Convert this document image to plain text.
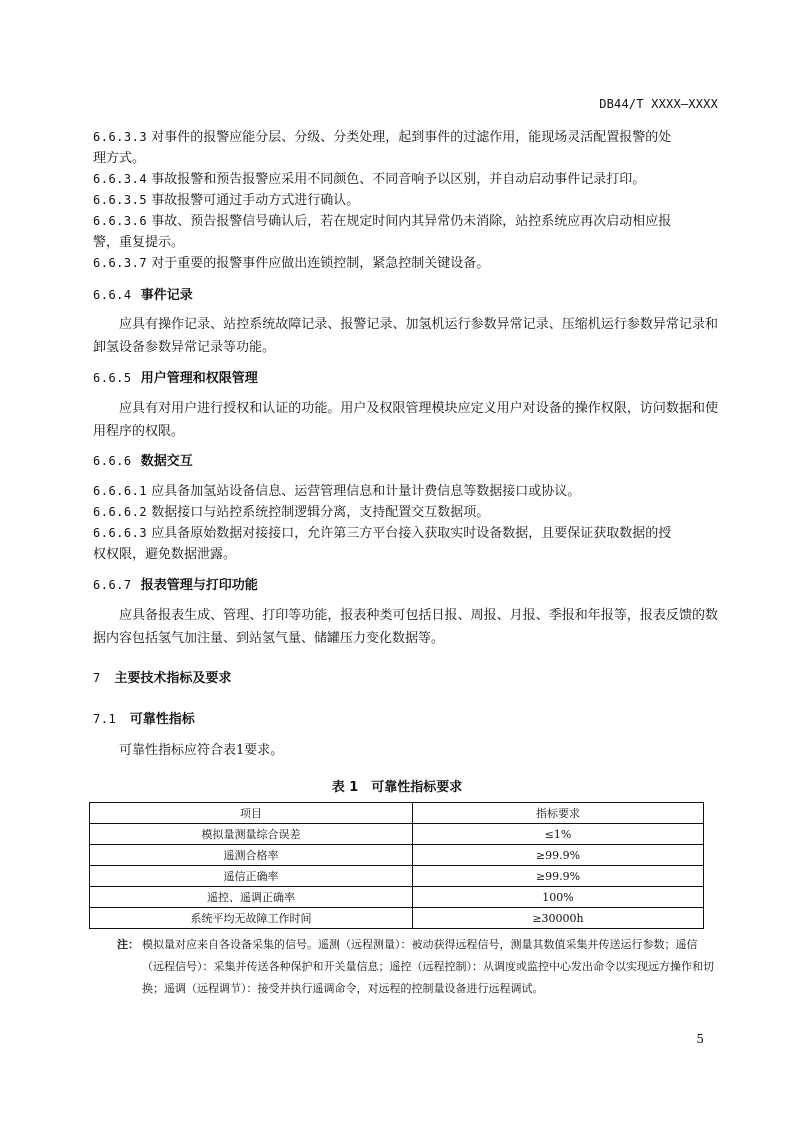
DB44/T XXXX—XXXX
6.6.3.3 对事件的报警应能分层、分级、分类处理，起到事件的过滤作用，能现场灵活配置报警的处
理方式。
6.6.3.4 事故报警和预告报警应采用不同颜色、不同音响予以区别，并自动启动事件记录打印。
6.6.3.5 事故报警可通过手动方式进行确认。
6.6.3.6 事故、预告报警信号确认后，若在规定时间内其异常仍未消除，站控系统应再次启动相应报
警，重复提示。
6.6.3.7 对于重要的报警事件应做出连锁控制，紧急控制关键设备。
6.6.4 事件记录
应具有操作记录、站控系统故障记录、报警记录、加氢机运行参数异常记录、压缩机运行参数异常记录和卸氢设备参数异常记录等功能。
6.6.5 用户管理和权限管理
应具有对用户进行授权和认证的功能。用户及权限管理模块应定义用户对设备的操作权限，访问数据和使用程序的权限。
6.6.6 数据交互
6.6.6.1 应具备加氢站设备信息、运营管理信息和计量计费信息等数据接口或协议。
6.6.6.2 数据接口与站控系统控制逻辑分离，支持配置交互数据项。
6.6.6.3 应具备原始数据对接接口，允许第三方平台接入获取实时设备数据，且要保证获取数据的授
权权限，避免数据泄露。
6.6.7 报表管理与打印功能
应具备报表生成、管理、打印等功能，报表种类可包括日报、周报、月报、季报和年报等，报表反馈的数据内容包括氢气加注量、到站氢气量、储罐压力变化数据等。
7 主要技术指标及要求
7.1 可靠性指标
可靠性指标应符合表1要求。
表 1　可靠性指标要求
项目	指标要求
模拟量测量综合误差	≤1%
遥测合格率	≥99.9%
遥信正确率	≥99.9%
遥控、遥调正确率	100%
系统平均无故障工作时间	≥30000h
注： 模拟量对应来自各设备采集的信号。遥测（远程测量）：被动获得远程信号，测量其数值采集并传送运行参数；遥信（远程信号）：采集并传送各种保护和开关量信息；遥控（远程控制）：从调度或监控中心发出命令以实现远方操作和切换；遥调（远程调节）：接受并执行遥调命令，对远程的控制量设备进行远程调试。
5
